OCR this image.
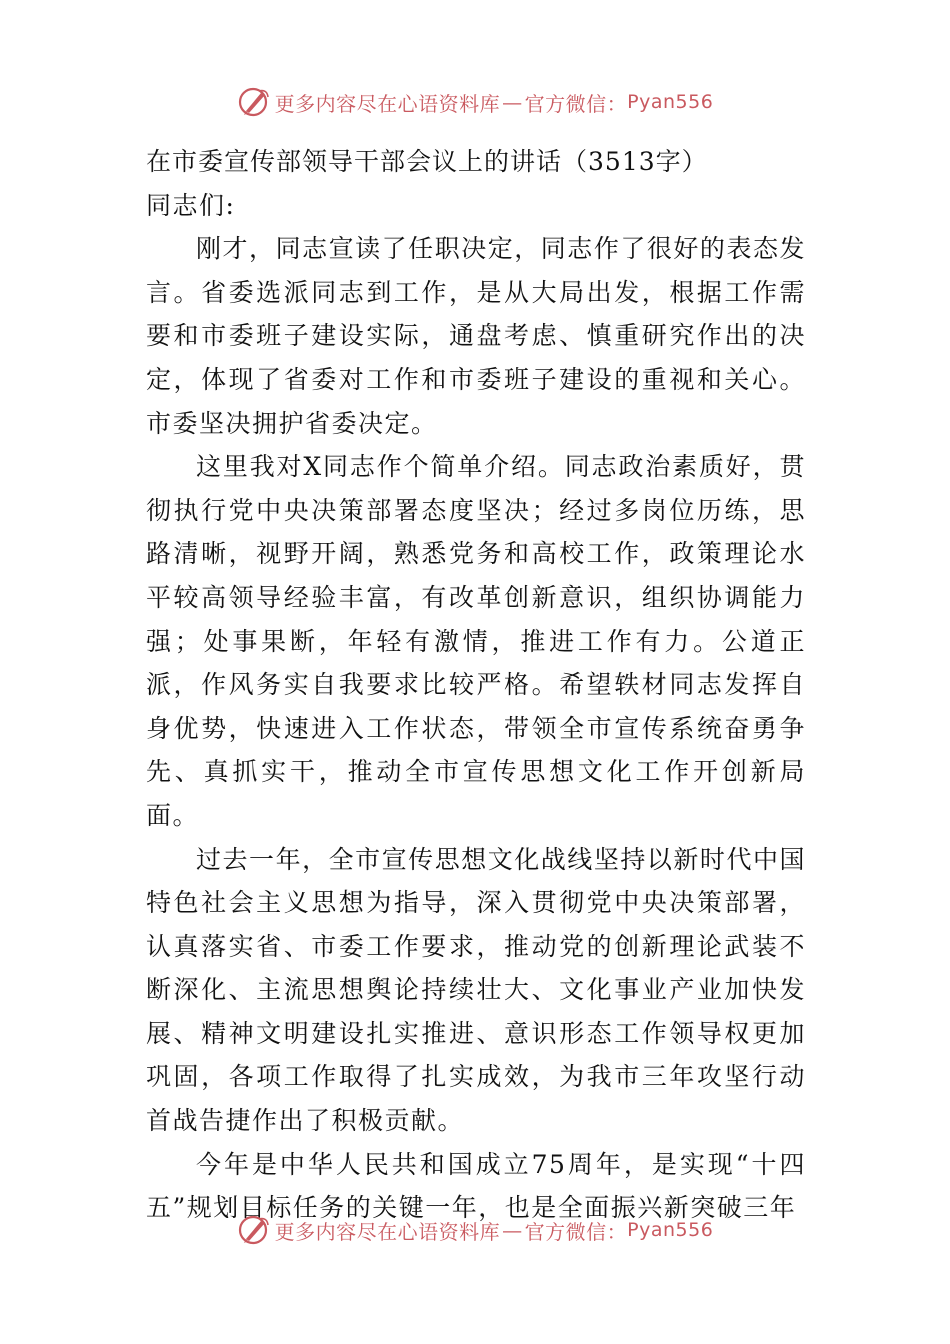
更多内容尽在心语资料库 — 官方微信： Pyan556

在市委宣传部领导干部会议上的讲话（3513字）

同志们:

刚才，同志宣读了任职决定，同志作了很好的表态发言。省委选派同志到工作，是从大局出发，根据工作需要和市委班子建设实际，通盘考虑、慎重研究作出的决定，体现了省委对工作和市委班子建设的重视和关心。市委坚决拥护省委决定。

这里我对X同志作个简单介绍。同志政治素质好，贯彻执行党中央决策部署态度坚决；经过多岗位历练，思路清晰，视野开阔，熟悉党务和高校工作，政策理论水平较高领导经验丰富，有改革创新意识，组织协调能力强；处事果断，年轻有激情，推进工作有力。公道正派，作风务实自我要求比较严格。希望轶材同志发挥自身优势，快速进入工作状态，带领全市宣传系统奋勇争先、真抓实干，推动全市宣传思想文化工作开创新局面。

过去一年，全市宣传思想文化战线坚持以新时代中国特色社会主义思想为指导，深入贯彻党中央决策部署，认真落实省、市委工作要求，推动党的创新理论武装不断深化、主流思想舆论持续壮大、文化事业产业加快发展、精神文明建设扎实推进、意识形态工作领导权更加巩固，各项工作取得了扎实成效，为我市三年攻坚行动首战告捷作出了积极贡献。

今年是中华人民共和国成立75周年，是实现“十四五”规划目标任务的关键一年，也是全面振兴新突破三年

更多内容尽在心语资料库 — 官方微信： Pyan556
